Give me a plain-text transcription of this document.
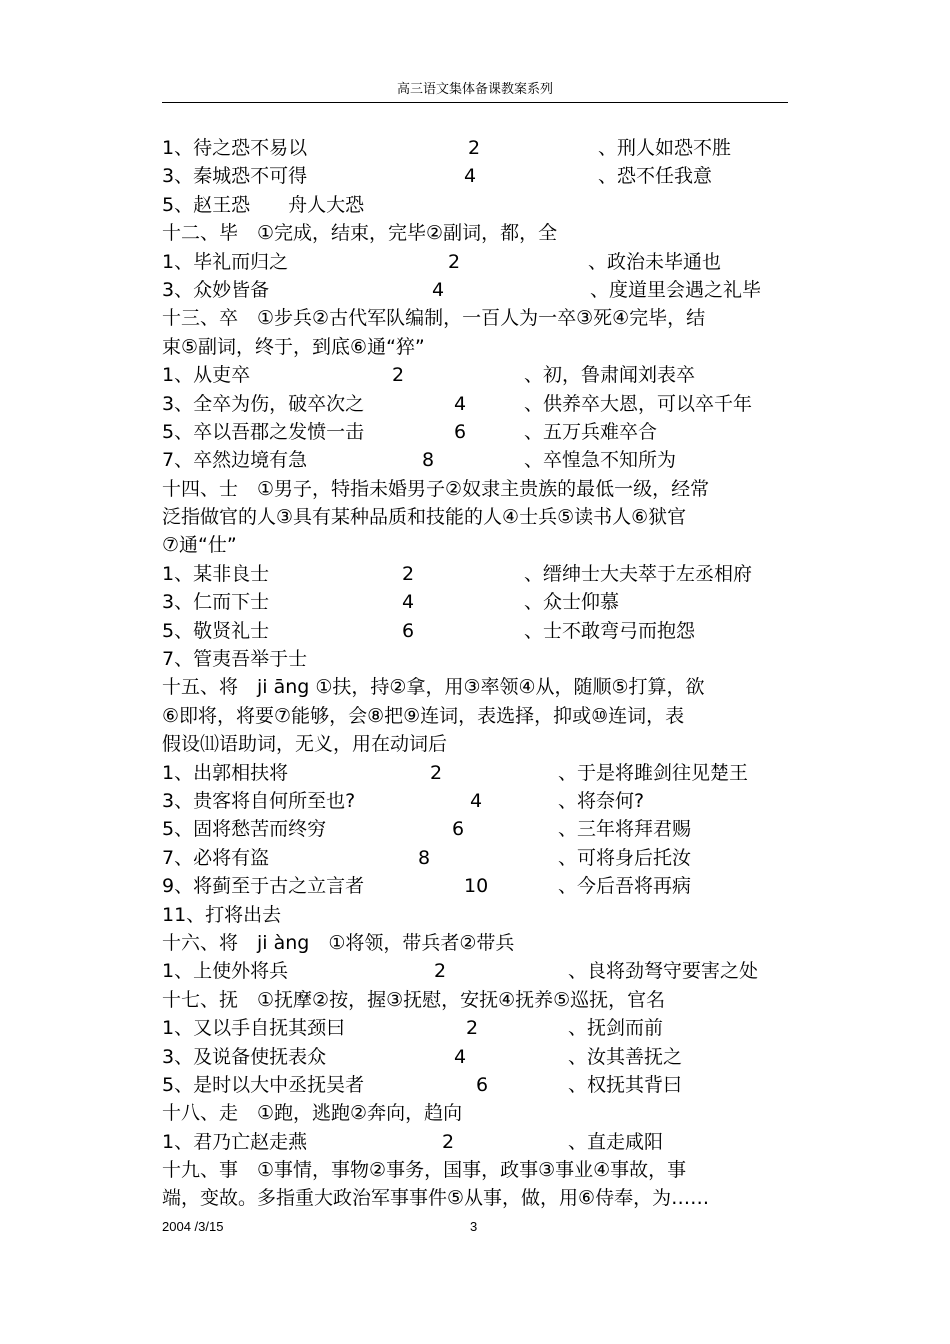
高三语文集体备课教案系列
1、待之恐不易以	2	、刑人如恐不胜
3、秦城恐不可得	4	、恐不任我意
5、赵王恐　　舟人大恐
十二、毕　①完成，结束，完毕②副词，都，全
1、毕礼而归之	2	、政治未毕通也
3、众妙皆备	4	、度道里会遇之礼毕
十三、卒　①步兵②古代军队编制，一百人为一卒③死④完毕，结
束⑤副词，终于，到底⑥通“猝”
1、从吏卒	2	、初，鲁肃闻刘表卒
3、全卒为伤，破卒次之	4	、供养卒大恩，可以卒千年
5、卒以吾郡之发愤一击	6	、五万兵难卒合
7、卒然边境有急	8	、卒惶急不知所为
十四、士　①男子，特指未婚男子②奴隶主贵族的最低一级，经常
泛指做官的人③具有某种品质和技能的人④士兵⑤读书人⑥狱官
⑦通“仕”
1、某非良士	2	、缙绅士大夫萃于左丞相府
3、仁而下士	4	、众士仰慕
5、敬贤礼士	6	、士不敢弯弓而抱怨
7、管夷吾举于士
十五、将　ji āng ①扶，持②拿，用③率领④从，随顺⑤打算，欲
⑥即将，将要⑦能够，会⑧把⑨连词，表选择，抑或⑩连词，表
假设⑾语助词，无义，用在动词后
1、出郭相扶将	2	、于是将雎剑往见楚王
3、贵客将自何所至也?	4	、将奈何?
5、固将愁苦而终穷	6	、三年将拜君赐
7、必将有盗	8	、可将身后托汝
9、将蓟至于古之立言者	10	、今后吾将再病
11、打将出去
十六、将　ji àng　①将领，带兵者②带兵
1、上使外将兵	2	、良将劲弩守要害之处
十七、抚　①抚摩②按，握③抚慰，安抚④抚养⑤巡抚，官名
1、又以手自抚其颈曰	2	、抚剑而前
3、及说备使抚表众	4	、汝其善抚之
5、是时以大中丞抚吴者	6	、权抚其背曰
十八、走　①跑，逃跑②奔向，趋向
1、君乃亡赵走燕	2	、直走咸阳
十九、事　①事情，事物②事务，国事，政事③事业④事故，事
端，变故。多指重大政治军事事件⑤从事，做，用⑥侍奉，为……
2004 /3/15	3
